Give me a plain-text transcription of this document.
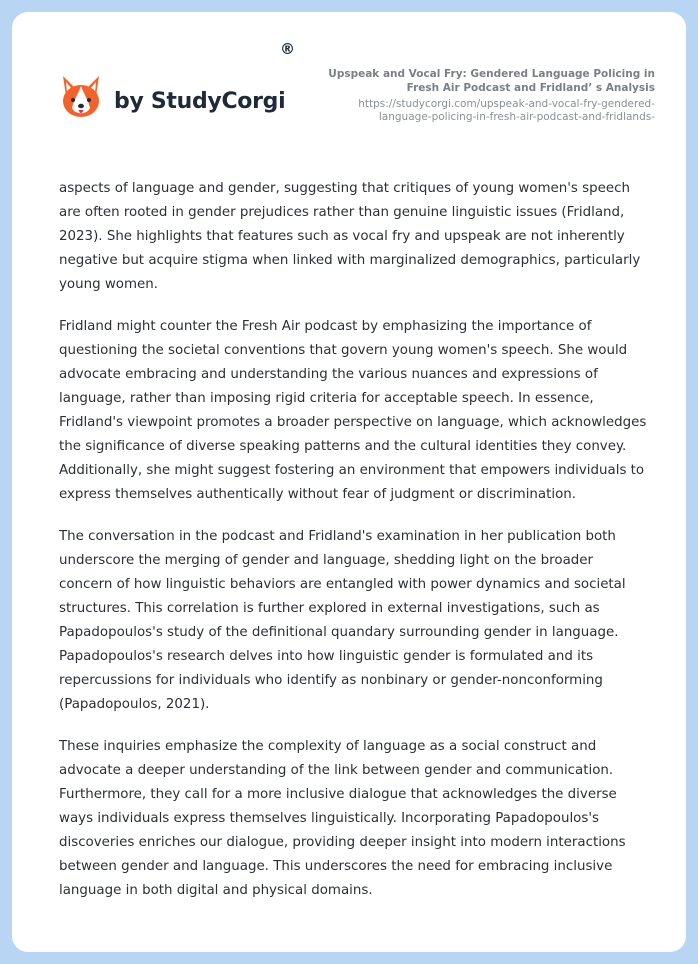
by StudyCorgi
®
Upspeak and Vocal Fry: Gendered Language Policing in
Fresh Air Podcast and Fridland’ s Analysis
https://studycorgi.com/upspeak-and-vocal-fry-gendered-
language-policing-in-fresh-air-podcast-and-fridlands-

aspects of language and gender, suggesting that critiques of young women's speech are often rooted in gender prejudices rather than genuine linguistic issues (Fridland, 2023). She highlights that features such as vocal fry and upspeak are not inherently negative but acquire stigma when linked with marginalized demographics, particularly young women.

Fridland might counter the Fresh Air podcast by emphasizing the importance of questioning the societal conventions that govern young women's speech. She would advocate embracing and understanding the various nuances and expressions of language, rather than imposing rigid criteria for acceptable speech. In essence, Fridland's viewpoint promotes a broader perspective on language, which acknowledges the significance of diverse speaking patterns and the cultural identities they convey. Additionally, she might suggest fostering an environment that empowers individuals to express themselves authentically without fear of judgment or discrimination.

The conversation in the podcast and Fridland's examination in her publication both underscore the merging of gender and language, shedding light on the broader concern of how linguistic behaviors are entangled with power dynamics and societal structures. This correlation is further explored in external investigations, such as Papadopoulos's study of the definitional quandary surrounding gender in language. Papadopoulos's research delves into how linguistic gender is formulated and its repercussions for individuals who identify as nonbinary or gender-nonconforming (Papadopoulos, 2021).

These inquiries emphasize the complexity of language as a social construct and advocate a deeper understanding of the link between gender and communication. Furthermore, they call for a more inclusive dialogue that acknowledges the diverse ways individuals express themselves linguistically. Incorporating Papadopoulos's discoveries enriches our dialogue, providing deeper insight into modern interactions between gender and language. This underscores the need for embracing inclusive language in both digital and physical domains.
